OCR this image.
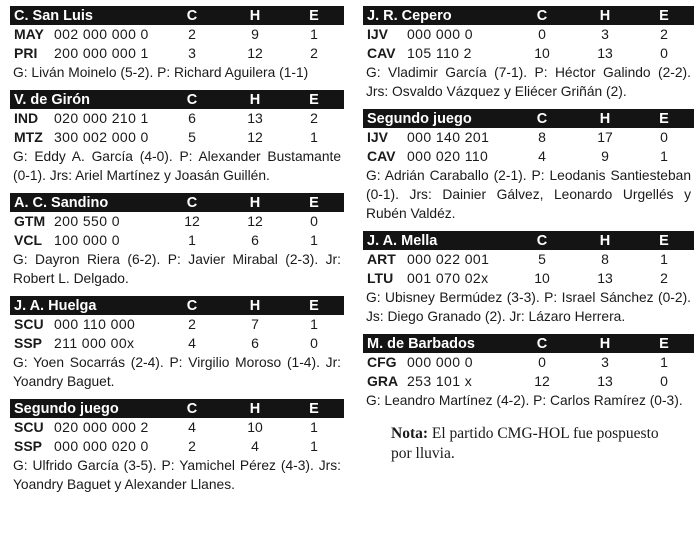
C. San Luis	C	H	E
MAY 002 000 000 0	2	9	1
PRI	200 000 000 1	3	12	2
G: Liván Moinelo (5-2). P: Richard Aguilera (1-1)
V. de Girón	C	H	E
IND	020 000 210 1	6	13	2
MTZ 300 002 000 0	5	12	1
G: Eddy A. García (4-0). P: Alexander Bustamante (0-1). Jrs: Ariel Martínez y Joasán Guillén.
A. C. Sandino	C	H	E
GTM 200 550 0	12	12	0
VCL 100 000 0	1	6	1
G: Dayron Riera (6-2). P: Javier Mirabal (2-3). Jr: Robert L. Delgado.
J. A. Huelga	C	H	E
SCU 000 110 000	2	7	1
SSP 211 000 00x	4	6	0
G: Yoen Socarrás (2-4). P: Virgilio Moroso (1-4). Jr: Yoandry Baguet.
Segundo juego	C	H	E
SCU 020 000 000 2	4	10	1
SSP 000 000 020 0	2	4	1
G: Ulfrido García (3-5). P: Yamichel Pérez (4-3). Jrs: Yoandry Baguet y Alexander Llanes.
J. R. Cepero	C	H	E
IJV	000 000 0	0	3	2
CAV 105 110 2	10	13	0
G: Vladimir García (7-1). P: Héctor Galindo (2-2). Jrs: Osvaldo Vázquez y Eliécer Griñán (2).
Segundo juego	C	H	E
IJV	000 140 201	8	17	0
CAV 000 020 110	4	9	1
G: Adrián Caraballo (2-1). P: Leodanis Santiesteban (0-1). Jrs: Dainier Gálvez, Leonardo Urgellés y Rubén Valdéz.
J. A. Mella	C	H	E
ART 000 022 001	5	8	1
LTU 001 070 02x	10	13	2
G: Ubisney Bermúdez (3-3). P: Israel Sánchez (0-2). Js: Diego Granado (2). Jr: Lázaro Herrera.
M. de Barbados	C	H	E
CFG 000 000 0	0	3	1
GRA 253 101 x	12	13	0
G: Leandro Martínez (4-2). P: Carlos Ramírez (0-3).
Nota: El partido CMG-HOL fue pospuesto por lluvia.
